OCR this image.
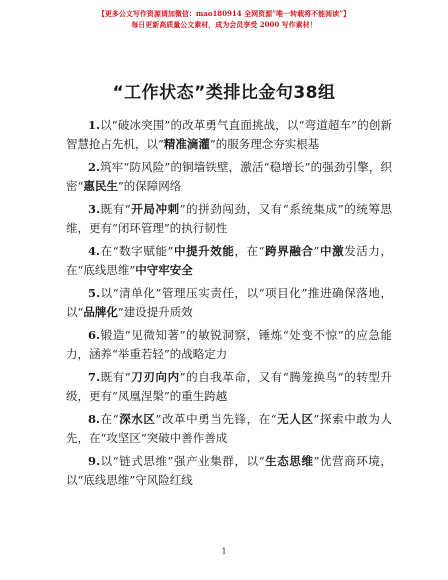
【更多公文写作资源请加微信：mao180914 全网资源”唯一转载将不能阅读”】
每日更新高质量公文素材，成为会员享受 2000 写作素材！
“工作状态”类排比金句38组

1.以“破冰突围”的改革勇气直面挑战，以“弯道超车”的创新智慧抢占先机，以“精准滴灌”的服务理念夯实根基

2.筑牢“防风险”的铜墙铁壁，激活“稳增长”的强劲引擎，织密“惠民生”的保障网络

3.既有“开局冲刺”的拼劲闯劲，又有“系统集成”的统筹思维，更有“闭环管理”的执行韧性

4.在“数字赋能”中提升效能，在“跨界融合”中激发活力，在“底线思维”中守牢安全

5.以“清单化”管理压实责任，以“项目化”推进确保落地，以“品牌化”建设提升质效

6.锻造“见微知著”的敏锐洞察，锤炼“处变不惊”的应急能力，涵养“举重若轻”的战略定力

7.既有“刀刃向内”的自我革命，又有“腾笼换鸟”的转型升级，更有“凤凰涅槃”的重生跨越

8.在“深水区”改革中勇当先锋，在“无人区”探索中敢为人先，在“攻坚区”突破中善作善成

9.以“链式思维”强产业集群，以“生态思维”优营商环境，以“底线思维”守风险红线

1
